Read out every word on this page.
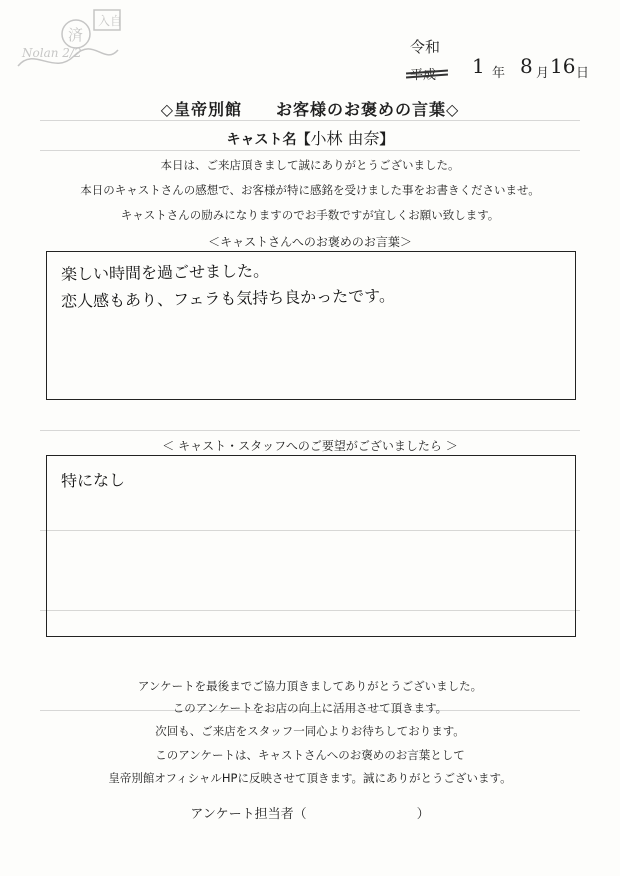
入自
済
Nolan 2/2	令和
1 年 8 月 16 日
◇皇帝別館　　お客様のお褒めの言葉◇
キャスト名【小林 由奈】
本日は、ご来店頂きまして誠にありがとうございました。
本日のキャストさんの感想で、お客様が特に感銘を受けました事をお書きくださいませ。
キャストさんの励みになりますのでお手数ですが宜しくお願い致します。
＜キャストさんへのお褒めのお言葉＞
楽しい時間を過ごせました。
恋人感もあり、フェラも気持ち良かったです。
＜ キャスト・スタッフへのご要望がございましたら ＞
特になし
アンケートを最後までご協力頂きましてありがとうございました。
このアンケートをお店の向上に活用させて頂きます。
次回も、ご来店をスタッフ一同心よりお待ちしております。
このアンケートは、キャストさんへのお褒めのお言葉として
皇帝別館オフィシャルHPに反映させて頂きます。誠にありがとうございます。
アンケート担当者（	）
